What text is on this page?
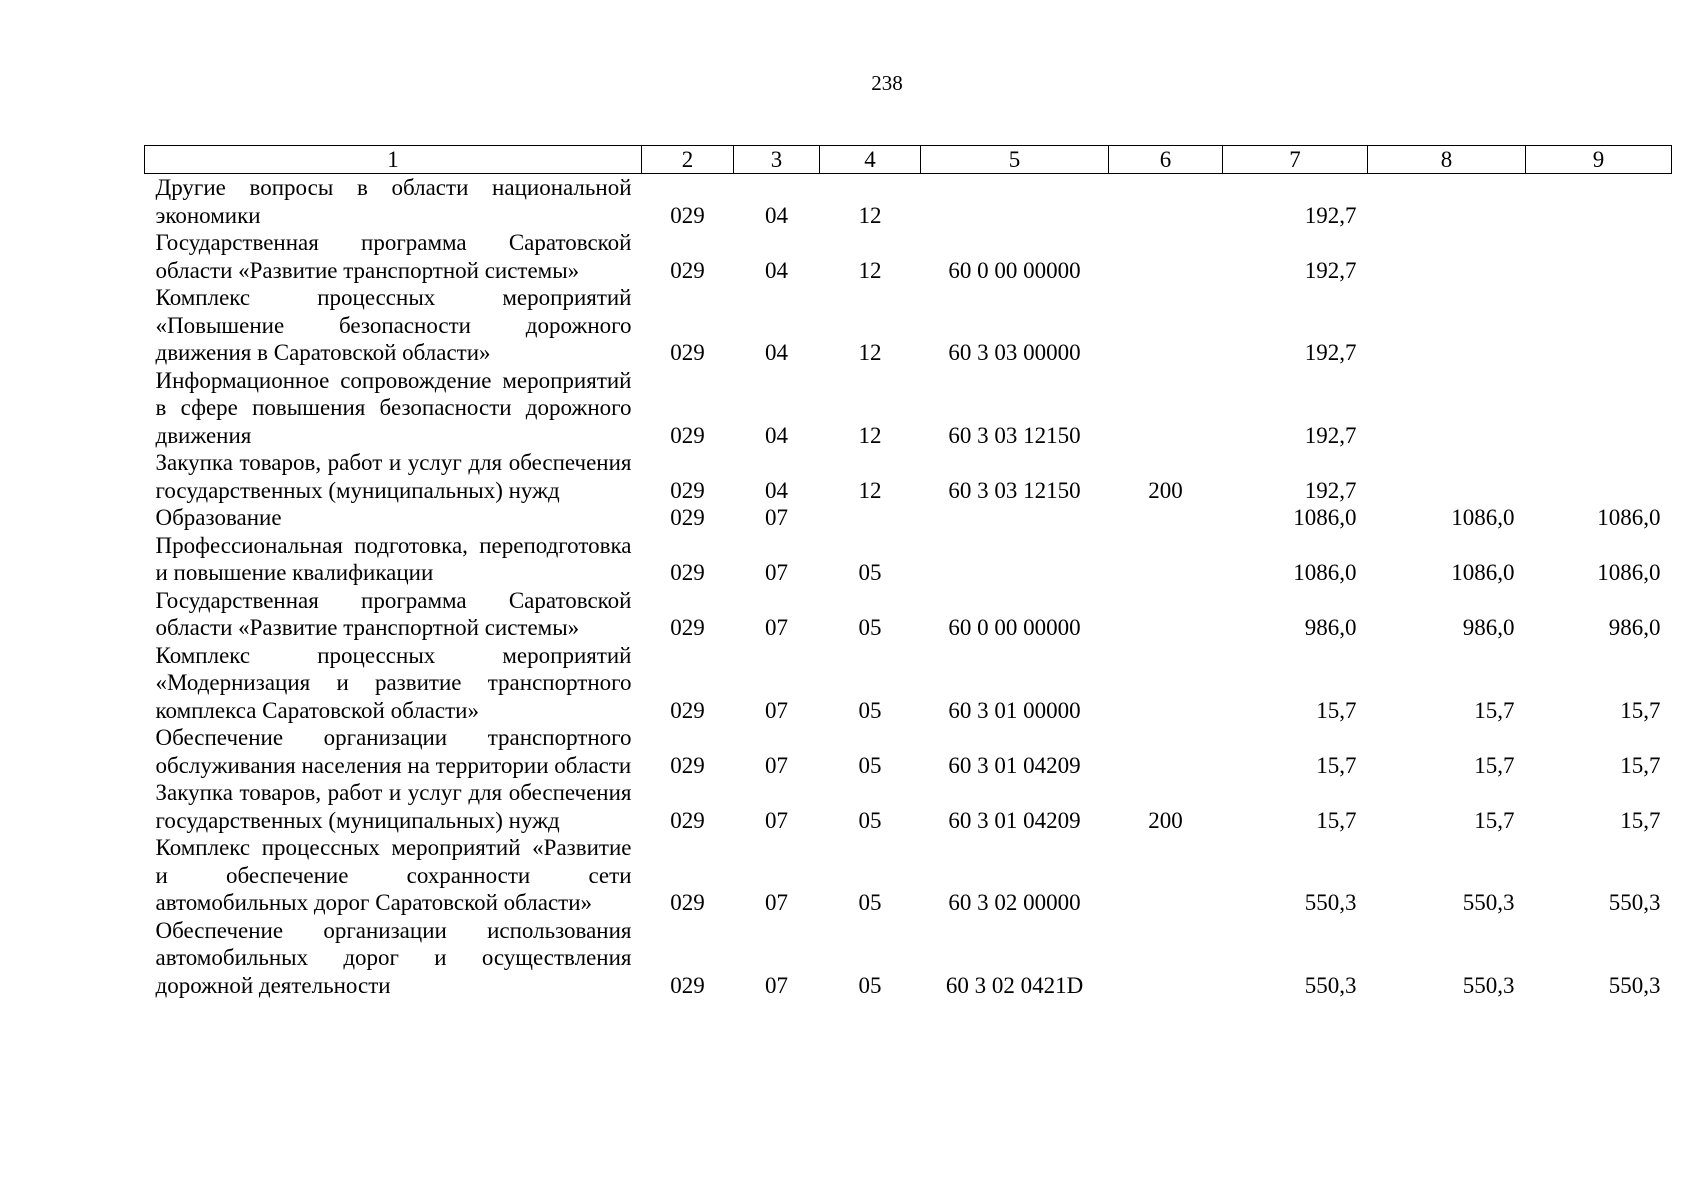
238
1	2	3	4	5	6	7	8	9
Другие вопросы в области национальной экономики	029	04	12			192,7		
Государственная программа Саратовской области «Развитие транспортной системы»	029	04	12	60 0 00 00000		192,7		
Комплекс процессных мероприятий «Повышение безопасности дорожного движения в Саратовской области»	029	04	12	60 3 03 00000		192,7		
Информационное сопровождение мероприятий в сфере повышения безопасности дорожного движения	029	04	12	60 3 03 12150		192,7		
Закупка товаров, работ и услуг для обеспечения государственных (муниципальных) нужд	029	04	12	60 3 03 12150	200	192,7		
Образование	029	07				1086,0	1086,0	1086,0
Профессиональная подготовка, переподготовка и повышение квалификации	029	07	05			1086,0	1086,0	1086,0
Государственная программа Саратовской области «Развитие транспортной системы»	029	07	05	60 0 00 00000		986,0	986,0	986,0
Комплекс процессных мероприятий «Модернизация и развитие транспортного комплекса Саратовской области»	029	07	05	60 3 01 00000		15,7	15,7	15,7
Обеспечение организации транспортного обслуживания населения на территории области	029	07	05	60 3 01 04209		15,7	15,7	15,7
Закупка товаров, работ и услуг для обеспечения государственных (муниципальных) нужд	029	07	05	60 3 01 04209	200	15,7	15,7	15,7
Комплекс процессных мероприятий «Развитие и обеспечение сохранности сети автомобильных дорог Саратовской области»	029	07	05	60 3 02 00000		550,3	550,3	550,3
Обеспечение организации использования автомобильных дорог и осуществления дорожной деятельности	029	07	05	60 3 02 0421D		550,3	550,3	550,3
